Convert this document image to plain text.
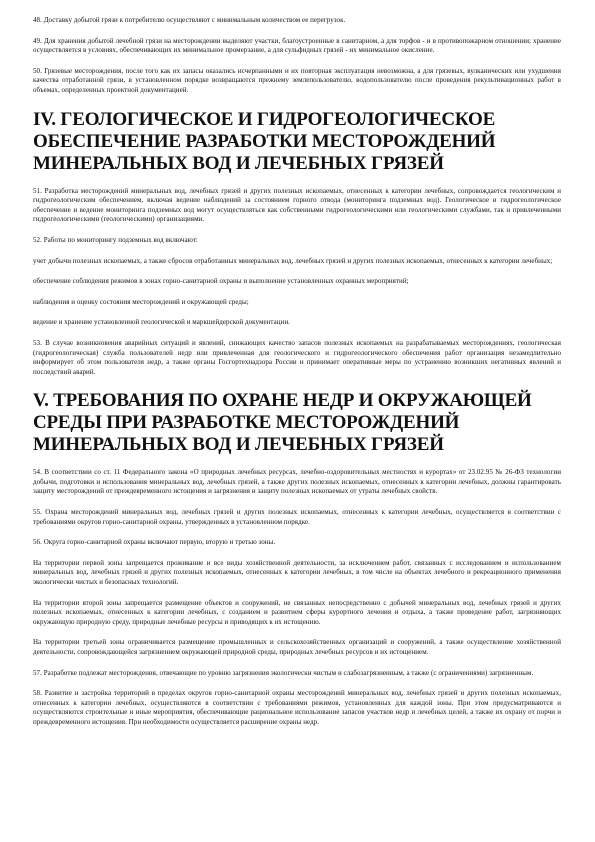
48. Доставку добытой грязи к потребителю осуществляют с минимальным количеством ее перегрузок.

49. Для хранения добытой лечебной грязи на месторождении выделяют участки, благоустроенные в санитарном, а для торфов - и в противопожарном отношении; хранение осуществляется в условиях, обеспечивающих их минимальное промерзание, а для сульфидных грязей - их минимальное окисление.

50. Грязевые месторождения, после того как их запасы оказались исчерпанными и их повторная эксплуатация невозможна, а для грязевых, вулканических или ухудшения качества отработанной грязи, в установленном порядке возвращаются прежнему землепользователю, водопользователю после проведения рекультивационных работ в объемах, определенных проектной документацией.

IV. ГЕОЛОГИЧЕСКОЕ И ГИДРОГЕОЛОГИЧЕСКОЕ ОБЕСПЕЧЕНИЕ РАЗРАБОТКИ МЕСТОРОЖДЕНИЙ МИНЕРАЛЬНЫХ ВОД И ЛЕЧЕБНЫХ ГРЯЗЕЙ

51. Разработка месторождений минеральных вод, лечебных грязей и других полезных ископаемых, отнесенных к категории лечебных, сопровождается геологическим и гидрогеологическим обеспечением, включая ведение наблюдений за состоянием горного отвода (мониторинга подземных вод). Геологическое и гидрогеологическое обеспечение и ведение мониторинга подземных вод могут осуществляться как собственными гидрогеологическими или геологическими службами, так и привлеченными гидрогеологическими (геологическими) организациями.

52. Работы по мониторингу подземных вод включают:

учет добычи полезных ископаемых, а также сбросов отработанных минеральных вод, лечебных грязей и других полезных ископаемых, отнесенных к категории лечебных;

обеспечение соблюдения режимов в зонах горно-санитарной охраны и выполнение установленных охранных мероприятий;

наблюдения и оценку состояния месторождений и окружающей среды;

ведение и хранение установленной геологической и маркшейдерской документации.

53. В случае возникновения аварийных ситуаций и явлений, снижающих качество запасов полезных ископаемых на разрабатываемых месторождениях, геологическая (гидрогеологическая) служба пользователей недр или привлеченная для геологического и гидрогеологического обеспечения работ организация незамедлительно информирует об этом пользователя недр, а также органы Госгортехнадзора России и принимает оперативные меры по устранению возникших негативных явлений и последствий аварий.

V. ТРЕБОВАНИЯ ПО ОХРАНЕ НЕДР И ОКРУЖАЮЩЕЙ СРЕДЫ ПРИ РАЗРАБОТКЕ МЕСТОРОЖДЕНИЙ МИНЕРАЛЬНЫХ ВОД И ЛЕЧЕБНЫХ ГРЯЗЕЙ

54. В соответствии со ст. 11 Федерального закона «О природных лечебных ресурсах, лечебно-оздоровительных местностях и курортах» от 23.02.95 № 26-ФЗ технологии добычи, подготовки и использования минеральных вод, лечебных грязей, а также других полезных ископаемых, отнесенных к категории лечебных, должны гарантировать защиту месторождений от преждевременного истощения и загрязнения и защиту полезных ископаемых от утраты лечебных свойств.

55. Охрана месторождений минеральных вод, лечебных грязей и других полезных ископаемых, отнесенных к категории лечебных, осуществляется в соответствии с требованиями округов горно-санитарной охраны, утвержденных в установленном порядке.

56. Округа горно-санитарной охраны включают первую, вторую и третью зоны.

На территории первой зоны запрещается проживание и все виды хозяйственной деятельности, за исключением работ, связанных с исследованием и использованием минеральных вод, лечебных грязей и других полезных ископаемых, отнесенных к категории лечебных, в том числе на объектах лечебного и рекреационного применения экологически чистых и безопасных технологий.

На территории второй зоны запрещается размещение объектов и сооружений, не связанных непосредственно с добычей минеральных вод, лечебных грязей и других полезных ископаемых, отнесенных к категории лечебных, с созданием и развитием сферы курортного лечения и отдыха, а также проведение работ, загрязняющих окружающую природную среду, природные лечебные ресурсы и приводящих к их истощению.

На территории третьей зоны ограничивается размещение промышленных и сельскохозяйственных организаций и сооружений, а также осуществление хозяйственной деятельности, сопровождающейся загрязнением окружающей природной среды, природных лечебных ресурсов и их истощением.

57. Разработке подлежат месторождения, отвечающие по уровню загрязнения экологически чистым и слабозагрязненным, а также (с ограничениями) загрязненным.

58. Развитие и застройка территорий в пределах округов горно-санитарной охраны месторождений минеральных вод, лечебных грязей и других полезных ископаемых, отнесенных к категории лечебных, осуществляются в соответствии с требованиями режимов, установленных для каждой зоны. При этом предусматриваются и осуществляются строительные и иные мероприятия, обеспечивающие рациональное использование запасов участков недр и лечебных целей, а также их охрану от порчи и преждевременного истощения. При необходимости осуществляется расширение охраны недр.
